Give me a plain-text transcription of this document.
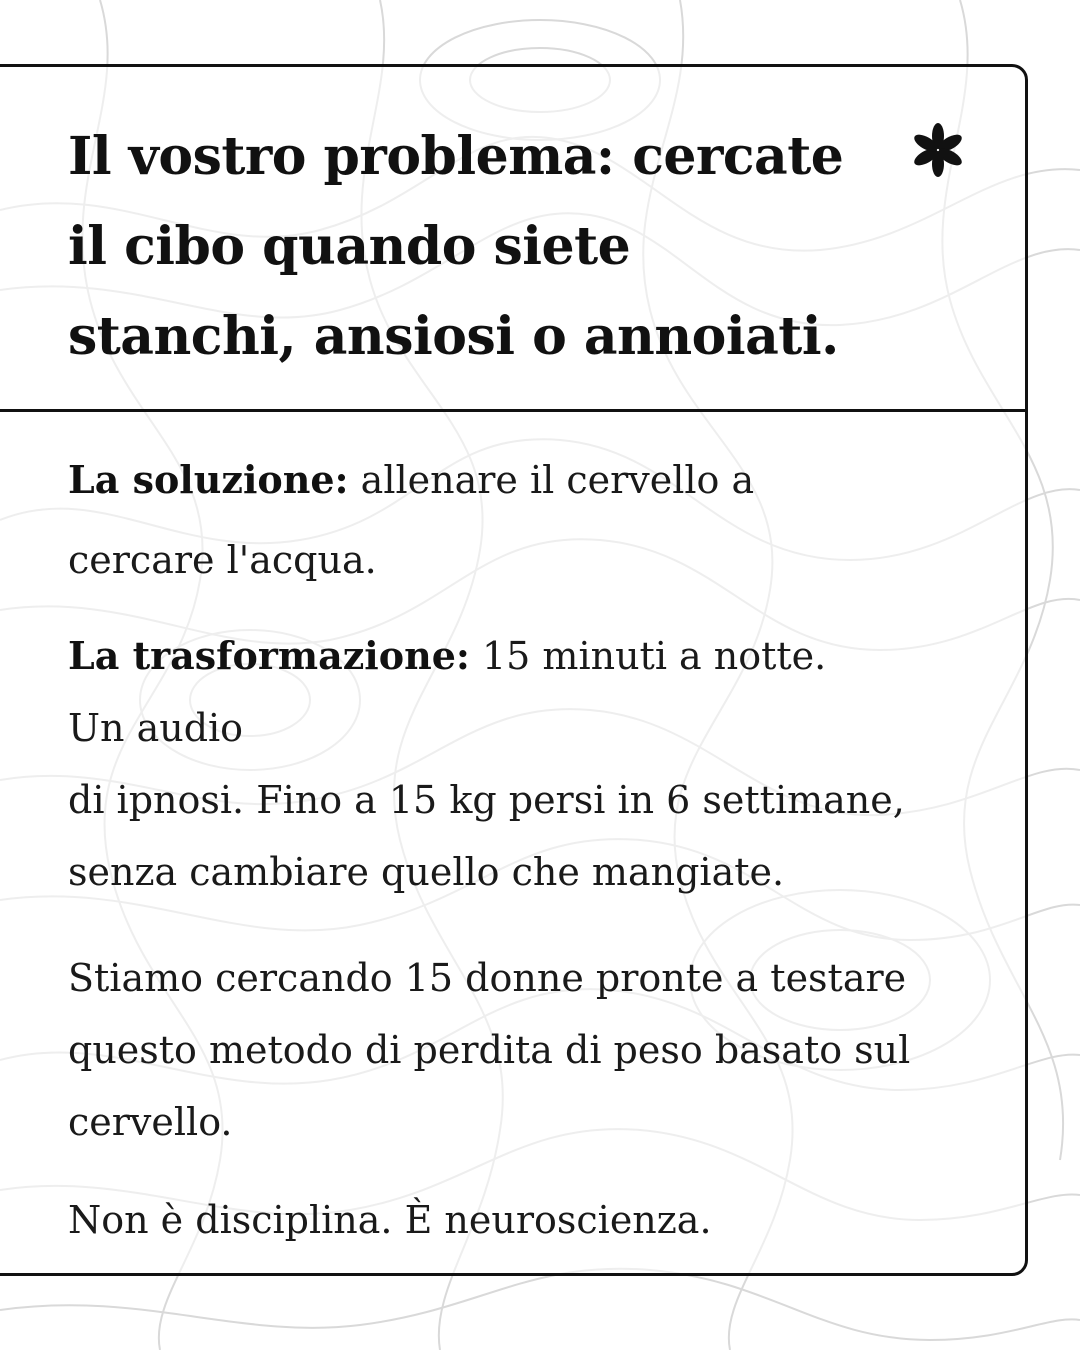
Il vostro problema: cercate
il cibo quando siete
stanchi, ansiosi o annoiati.

La soluzione: allenare il cervello a
cercare l'acqua.

La trasformazione: 15 minuti a notte.
Un audio
di ipnosi. Fino a 15 kg persi in 6 settimane,
senza cambiare quello che mangiate.

Stiamo cercando 15 donne pronte a testare
questo metodo di perdita di peso basato sul
cervello.

Non è disciplina. È neuroscienza.
